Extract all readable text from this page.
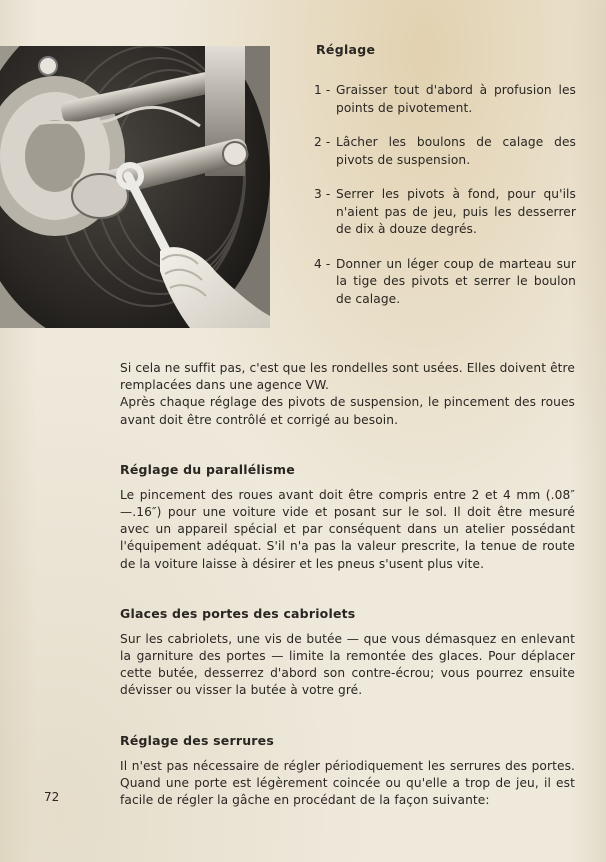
Réglage
1 - Graisser tout d'abord à profusion les points de pivotement.
2 - Lâcher les boulons de calage des pivots de suspension.
3 - Serrer les pivots à fond, pour qu'ils n'aient pas de jeu, puis les desserrer de dix à douze degrés.
4 - Donner un léger coup de marteau sur la tige des pivots et serrer le boulon de calage.

Si cela ne suffit pas, c'est que les rondelles sont usées. Elles doivent être remplacées dans une agence VW.

Après chaque réglage des pivots de suspension, le pincement des roues avant doit être contrôlé et corrigé au besoin.

Réglage du parallélisme

Le pincement des roues avant doit être compris entre 2 et 4 mm (.08″—.16″) pour une voiture vide et posant sur le sol. Il doit être mesuré avec un appareil spécial et par conséquent dans un atelier possédant l'équipement adéquat. S'il n'a pas la valeur prescrite, la tenue de route de la voiture laisse à désirer et les pneus s'usent plus vite.

Glaces des portes des cabriolets

Sur les cabriolets, une vis de butée — que vous démasquez en enlevant la garniture des portes — limite la remontée des glaces. Pour déplacer cette butée, desserrez d'abord son contre-écrou; vous pourrez ensuite dévisser ou visser la butée à votre gré.

Réglage des serrures

Il n'est pas nécessaire de régler périodiquement les serrures des portes. Quand une porte est légèrement coincée ou qu'elle a trop de jeu, il est facile de régler la gâche en procédant de la façon suivante:

72
